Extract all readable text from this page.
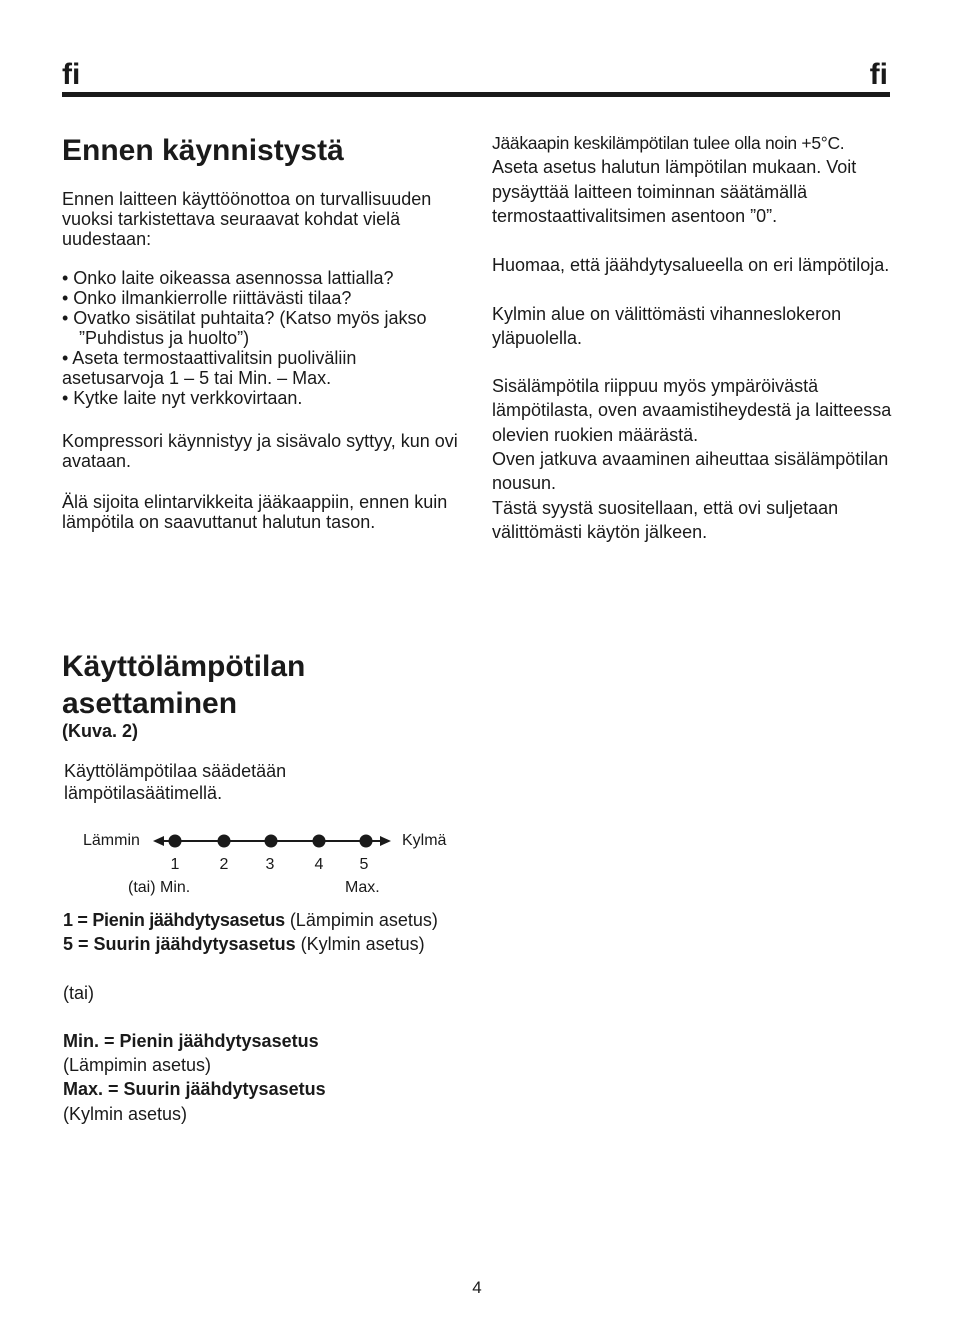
fi	fi
Ennen käynnistystä

Ennen laitteen käyttöönottoa on turvallisuuden vuoksi tarkistettava seuraavat kohdat vielä uudestaan:

• Onko laite oikeassa asennossa lattialla?
• Onko ilmankierrolle riittävästi tilaa?
• Ovatko sisätilat puhtaita? (Katso myös jakso
”Puhdistus ja huolto”)
• Aseta termostaattivalitsin puoliväliin
asetusarvoja 1 – 5 tai Min. – Max.
• Kytke laite nyt verkkovirtaan.

Kompressori käynnistyy ja sisävalo syttyy, kun ovi avataan.

Älä sijoita elintarvikkeita jääkaappiin, ennen kuin lämpötila on saavuttanut halutun tason.

Jääkaapin keskilämpötilan tulee olla noin +5°C.
Aseta asetus halutun lämpötilan mukaan. Voit pysäyttää laitteen toiminnan säätämällä termostaattivalitsimen asentoon ”0”.

Huomaa, että jäähdytysalueella on eri lämpötiloja.

Kylmin alue on välittömästi vihanneslokeron yläpuolella.

Sisälämpötila riippuu myös ympäröivästä lämpötilasta, oven avaamistiheydestä ja laitteessa olevien ruokien määrästä.

Oven jatkuva avaaminen aiheuttaa sisälämpötilan nousun.

Tästä syystä suositellaan, että ovi suljetaan välittömästi käytön jälkeen.

Käyttölämpötilan
asettaminen
(Kuva. 2)

Käyttölämpötilaa säädetään lämpötilasäätimellä.

Lämmin	Kylmä
1	2 3	4 5
(tai) Min.	Max.

1 = Pienin jäähdytysasetus (Lämpimin asetus)

5 = Suurin jäähdytysasetus (Kylmin asetus)

(tai)

Min. = Pienin jäähdytysasetus

(Lämpimin asetus)

Max. = Suurin jäähdytysasetus

(Kylmin asetus)

4
